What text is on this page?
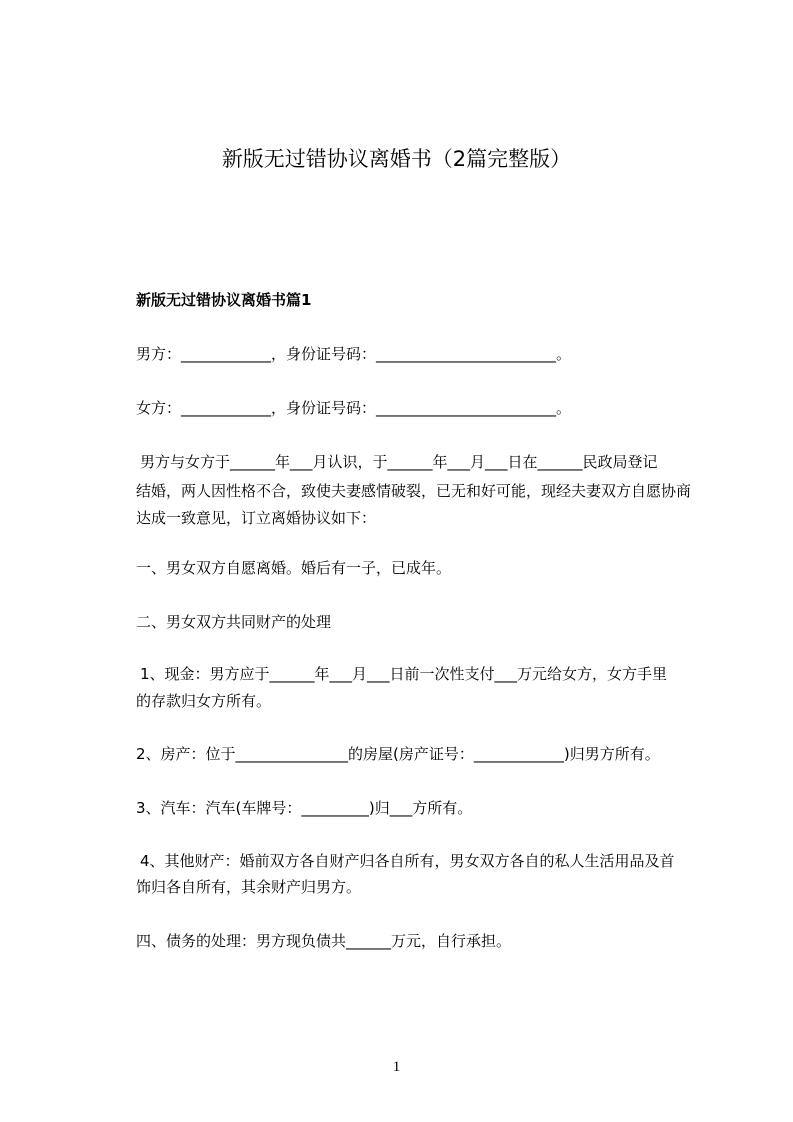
新版无过错协议离婚书（2篇完整版）
新版无过错协议离婚书篇1
男方：____________，身份证号码：________________________。
女方：____________，身份证号码：________________________。
男方与女方于______年___月认识，于______年___月___日在______民政局登记
结婚，两人因性格不合，致使夫妻感情破裂，已无和好可能，现经夫妻双方自愿协商
达成一致意见，订立离婚协议如下：
一、男女双方自愿离婚。婚后有一子，已成年。
二、男女双方共同财产的处理
1、现金：男方应于______年___月___日前一次性支付___万元给女方，女方手里
的存款归女方所有。
2、房产：位于_______________的房屋(房产证号：____________)归男方所有。
3、汽车：汽车(车牌号：_________)归___方所有。
4、其他财产：婚前双方各自财产归各自所有，男女双方各自的私人生活用品及首
饰归各自所有，其余财产归男方。
四、债务的处理：男方现负债共______万元，自行承担。
1
